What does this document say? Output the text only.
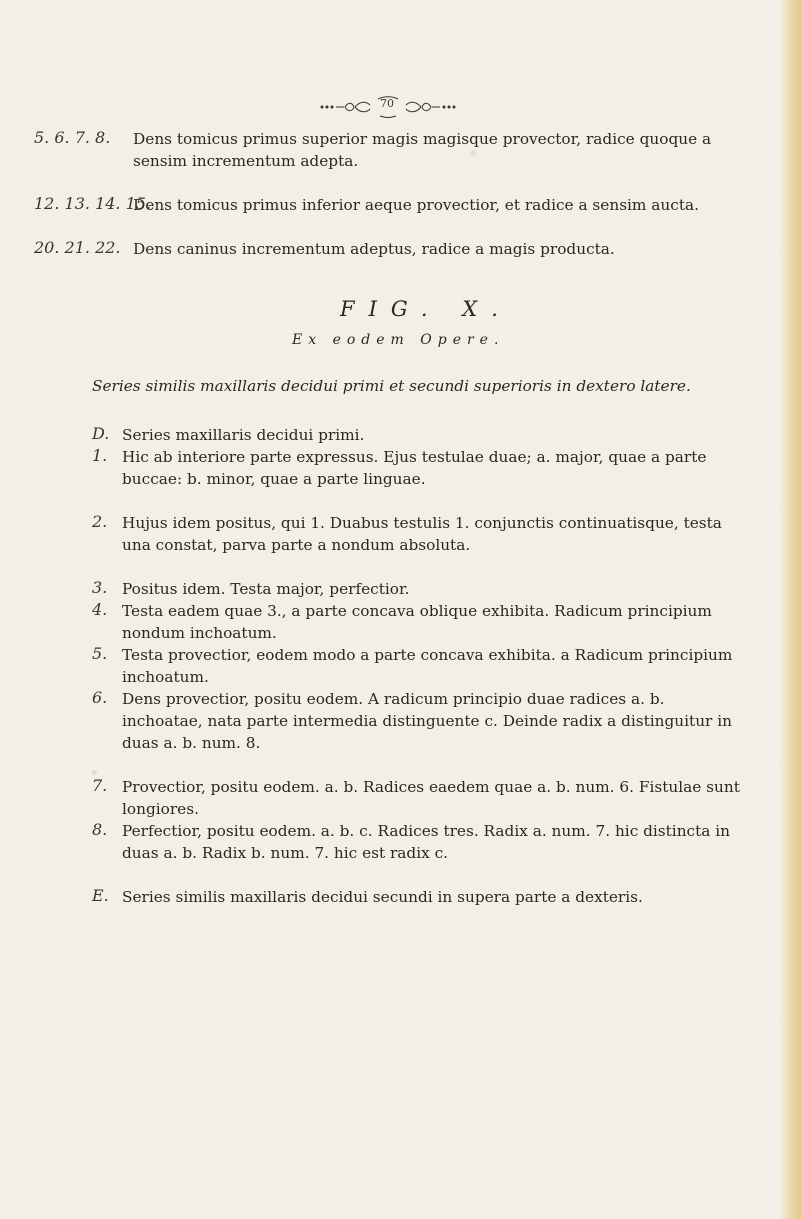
70
5. 6. 7. 8. Dens tomicus primus superior magis magisque provector, radice quoque a sensim incrementum adepta.
12. 13. 14. 15.
Dens tomicus primus inferior aeque provectior, et radice a sensim aucta.
20. 21. 22. Dens caninus incrementum adeptus, radice a magis producta.
FIG. X.
Ex eodem Opere.
Series similis maxillaris decidui primi et secundi superioris in dextero latere.
D. Series maxillaris decidui primi.
1. Hic ab interiore parte expressus. Ejus testulae duae; a. major, quae a parte buccae: b. minor, quae a parte linguae.
2. Hujus idem positus, qui 1. Duabus testulis 1. conjunctis continuatisque, testa una constat, parva parte a nondum absoluta.
3. Positus idem. Testa major, perfectior.
4. Testa eadem quae 3., a parte concava oblique exhibita. Radicum principium nondum inchoatum.
5. Testa provectior, eodem modo a parte concava exhibita. a Radicum principium inchoatum.
6. Dens provectior, positu eodem. A radicum principio duae radices a. b. inchoatae, nata parte intermedia distinguente c. Deinde radix a distinguitur in duas a. b. num. 8.
7. Provectior, positu eodem. a. b. Radices eaedem quae a. b. num. 6. Fistulae sunt longiores.
8. Perfectior, positu eodem. a. b. c. Radices tres. Radix a. num. 7. hic distincta in duas a. b. Radix b. num. 7. hic est radix c.
E. Series similis maxillaris decidui secundi in supera parte a dexteris.
